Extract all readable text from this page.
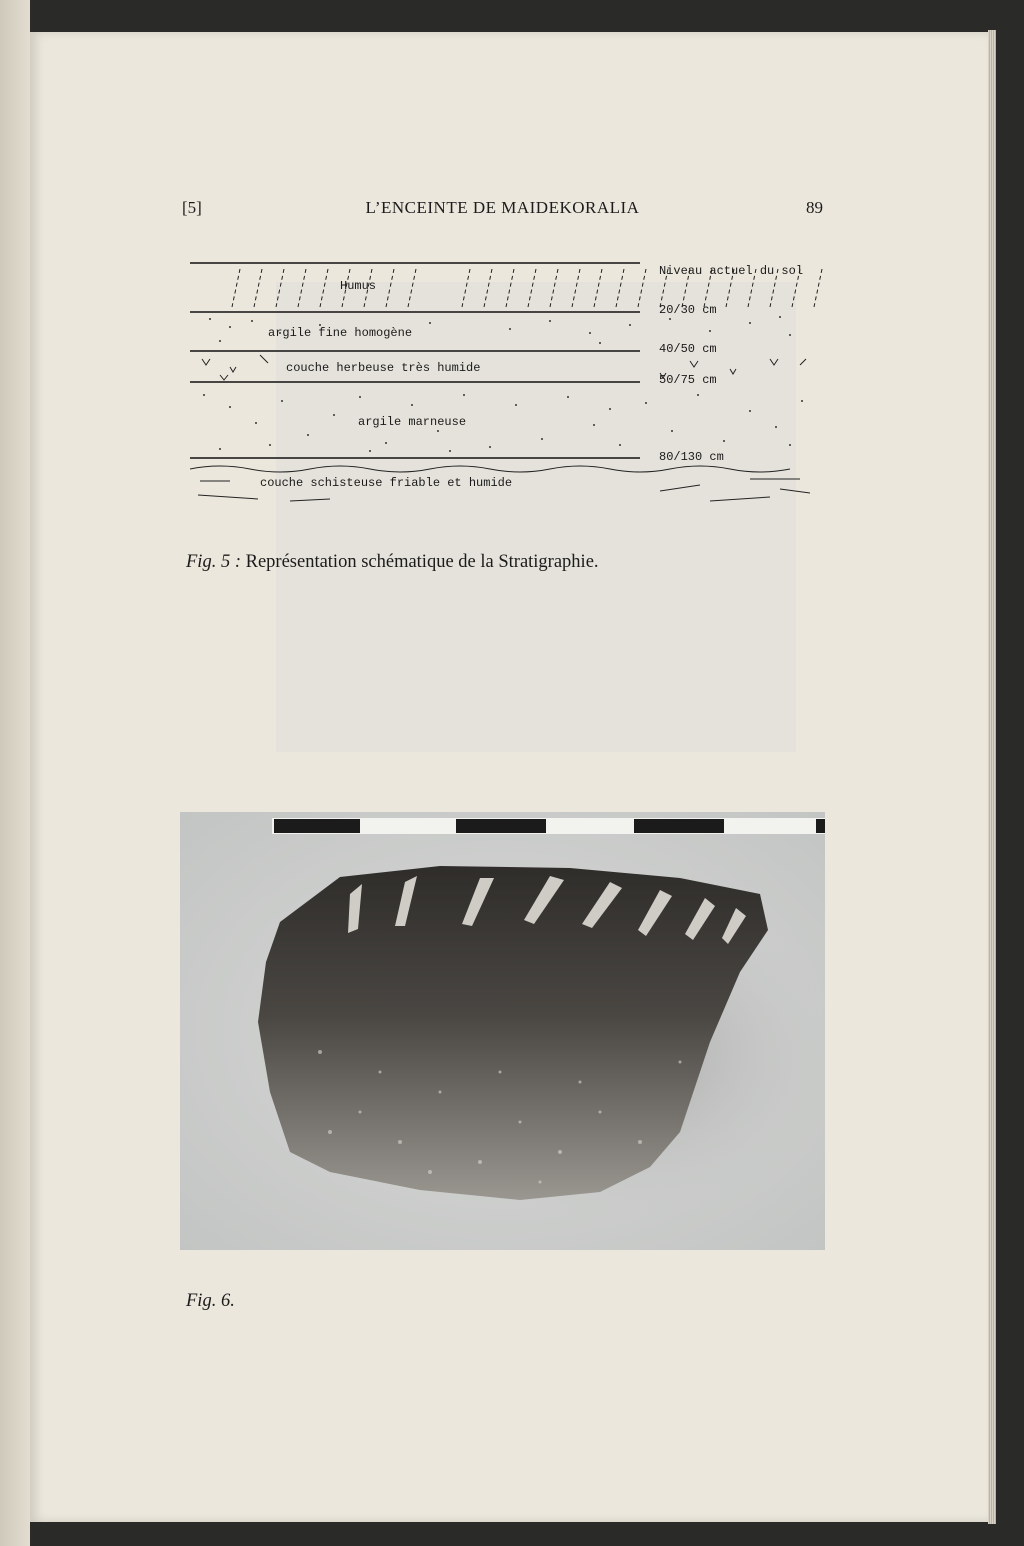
[5]	L’ENCEINTE DE MAIDEKORALIA	89
Humus
argile fine homogène
couche herbeuse très humide
argile marneuse
couche schisteuse friable et humide
Niveau actuel du sol
20/30 cm
40/50 cm
50/75 cm
80/130 cm
Fig. 5 : Représentation schématique de la Stratigraphie.
Fig. 6.
